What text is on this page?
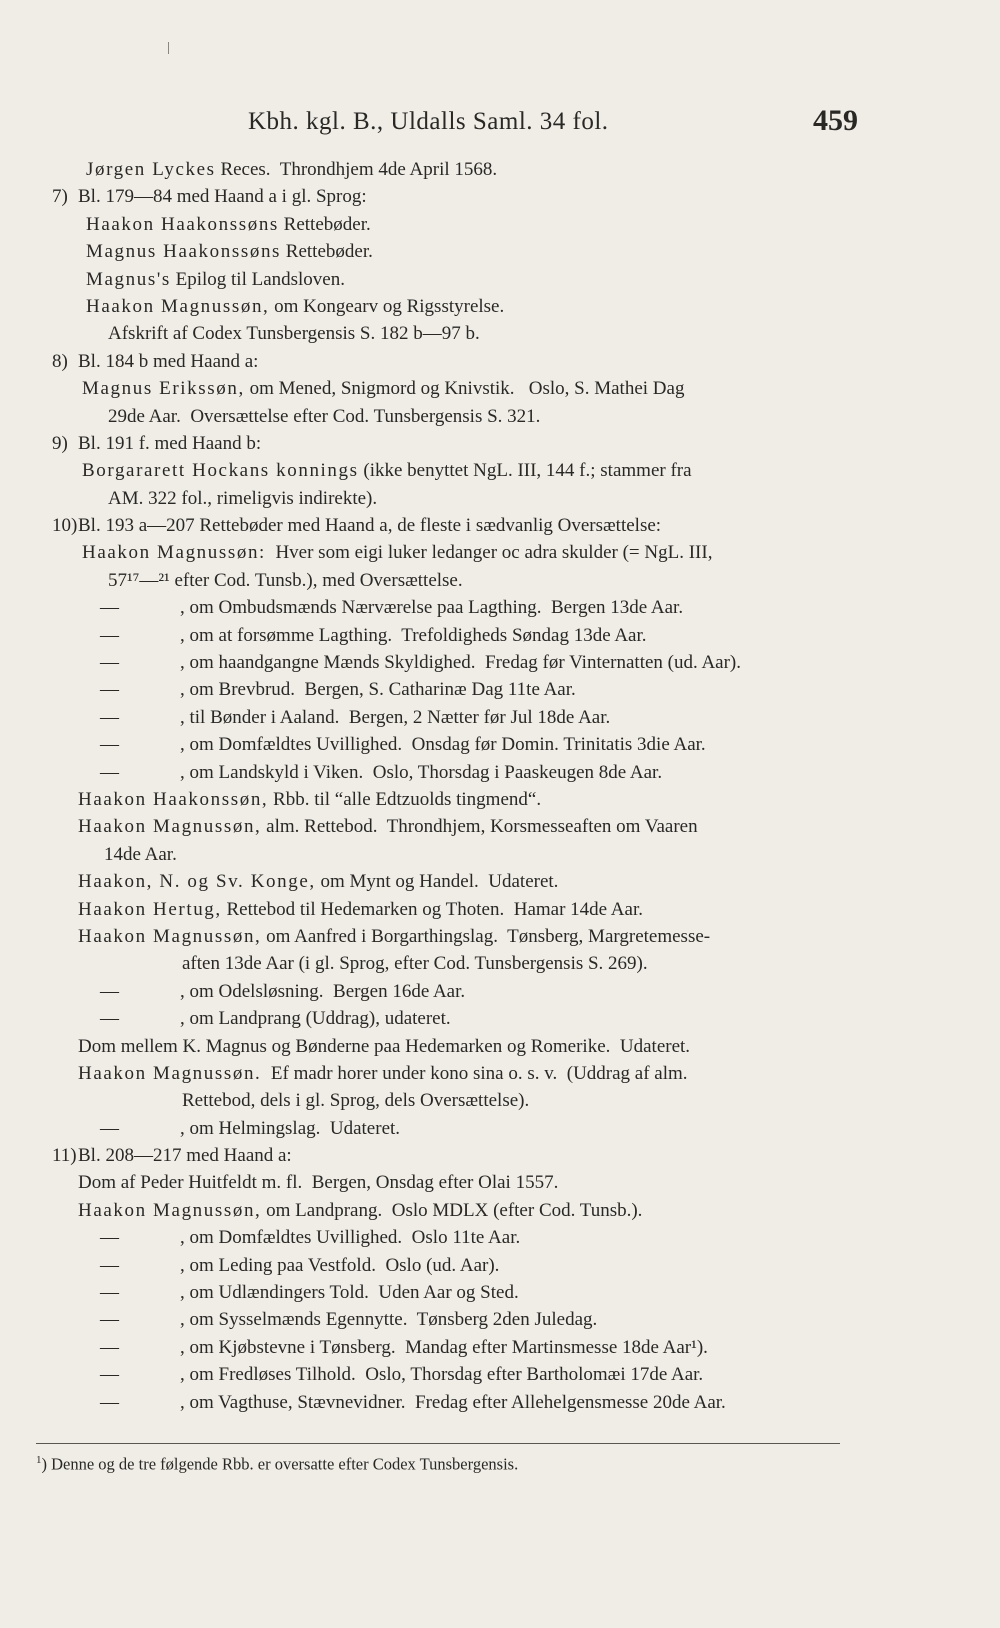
Kbh. kgl. B., Uldalls Saml. 34 fol.	459
Jørgen Lyckes Reces.  Throndhjem 4de April 1568.
7) Bl. 179—84 med Haand a i gl. Sprog:
Haakon Haakonssøns Rettebøder.
Magnus Haakonssøns Rettebøder.
Magnus's Epilog til Landsloven.
Haakon Magnussøn, om Kongearv og Rigsstyrelse.
Afskrift af Codex Tunsbergensis S. 182 b—97 b.
8) Bl. 184 b med Haand a:
Magnus Erikssøn, om Mened, Snigmord og Knivstik.   Oslo, S. Mathei Dag
29de Aar.  Oversættelse efter Cod. Tunsbergensis S. 321.
9) Bl. 191 f. med Haand b:
Borgararett Hockans konnings (ikke benyttet NgL. III, 144 f.; stammer fra
AM. 322 fol., rimeligvis indirekte).
10) Bl. 193 a—207 Rettebøder med Haand a, de fleste i sædvanlig Oversættelse:
Haakon Magnussøn:  Hver som eigi luker ledanger oc adra skulder (= NgL. III,
57¹⁷—²¹ efter Cod. Tunsb.), med Oversættelse.
—	, om Ombudsmænds Nærværelse paa Lagthing.  Bergen 13de Aar.
—	, om at forsømme Lagthing.  Trefoldigheds Søndag 13de Aar.
—	, om haandgangne Mænds Skyldighed.  Fredag før Vinternatten (ud. Aar).
—	, om Brevbrud.  Bergen, S. Catharinæ Dag 11te Aar.
—	, til Bønder i Aaland.  Bergen, 2 Nætter før Jul 18de Aar.
—	, om Domfældtes Uvillighed.  Onsdag før Domin. Trinitatis 3die Aar.
—	, om Landskyld i Viken.  Oslo, Thorsdag i Paaskeugen 8de Aar.
Haakon Haakonssøn, Rbb. til “alle Edtzuolds tingmend“.
Haakon Magnussøn, alm. Rettebod.  Throndhjem, Korsmesseaften om Vaaren
14de Aar.
Haakon, N. og Sv. Konge, om Mynt og Handel.  Udateret.
Haakon Hertug, Rettebod til Hedemarken og Thoten.  Hamar 14de Aar.
Haakon Magnussøn, om Aanfred i Borgarthingslag.  Tønsberg, Margretemesse-
aften 13de Aar (i gl. Sprog, efter Cod. Tunsbergensis S. 269).
—	, om Odelsløsning.  Bergen 16de Aar.
—	, om Landprang (Uddrag), udateret.
Dom mellem K. Magnus og Bønderne paa Hedemarken og Romerike.  Udateret.
Haakon Magnussøn.  Ef madr horer under kono sina o. s. v.  (Uddrag af alm.
Rettebod, dels i gl. Sprog, dels Oversættelse).
—	, om Helmingslag.  Udateret.
11) Bl. 208—217 med Haand a:
Dom af Peder Huitfeldt m. fl.  Bergen, Onsdag efter Olai 1557.
Haakon Magnussøn, om Landprang.  Oslo MDLX (efter Cod. Tunsb.).
—	, om Domfældtes Uvillighed.  Oslo 11te Aar.
—	, om Leding paa Vestfold.  Oslo (ud. Aar).
—	, om Udlændingers Told.  Uden Aar og Sted.
—	, om Sysselmænds Egennytte.  Tønsberg 2den Juledag.
—	, om Kjøbstevne i Tønsberg.  Mandag efter Martinsmesse 18de Aar¹).
—	, om Fredløses Tilhold.  Oslo, Thorsdag efter Bartholomæi 17de Aar.
—	, om Vagthuse, Stævnevidner.  Fredag efter Allehelgensmesse 20de Aar.
$^1$) Denne og de tre følgende Rbb. er oversatte efter Codex Tunsbergensis.
